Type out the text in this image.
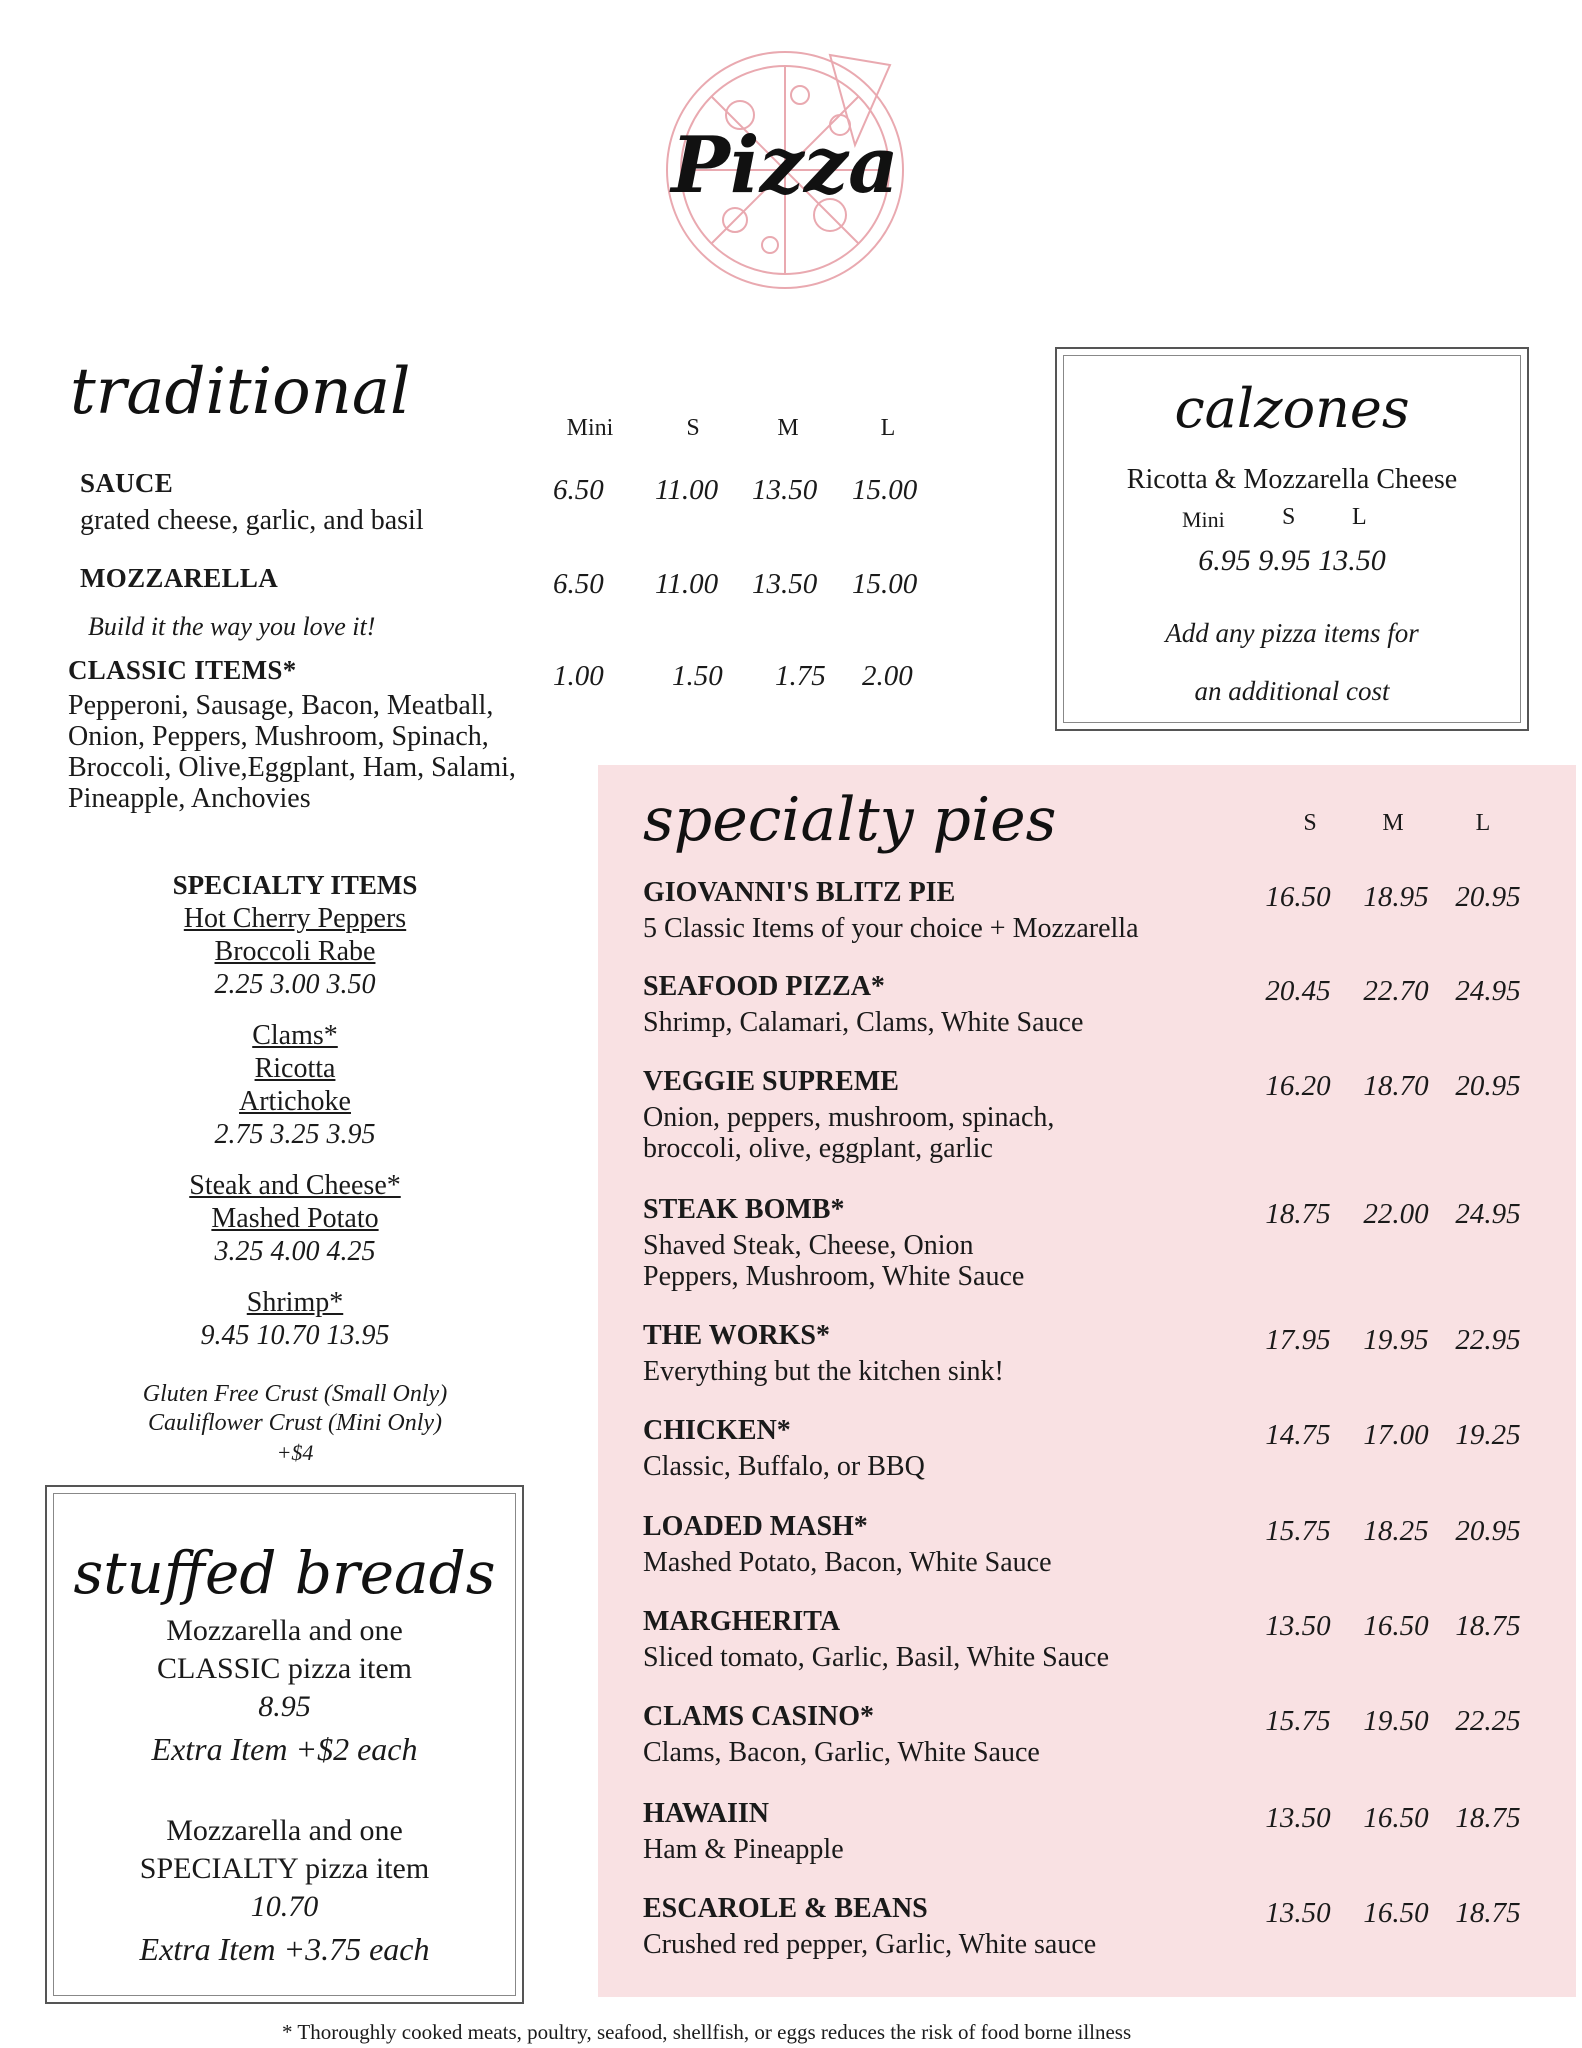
Pizza
traditional	Mini	S	M	L
SAUCE
grated cheese, garlic, and basil
6.50 11.00 13.50 15.00
MOZZARELLA	6.50 11.00 13.50 15.00
Build it the way you love it!
CLASSIC ITEMS*	1.00 1.50 1.75 2.00
Pepperoni, Sausage, Bacon, Meatball,
Onion, Peppers, Mushroom, Spinach,
Broccoli, Olive,Eggplant, Ham, Salami,
Pineapple, Anchovies
SPECIALTY ITEMS
Hot Cherry Peppers
Broccoli Rabe
2.25 3.00 3.50
Clams*
Ricotta
Artichoke
2.75 3.25 3.95
Steak and Cheese*
Mashed Potato
3.25 4.00 4.25
Shrimp*
9.45 10.70 13.95
Gluten Free Crust (Small Only)
Cauliflower Crust (Mini Only)
+$4
calzones
Ricotta & Mozzarella Cheese
Mini S L
6.95 9.95 13.50
Add any pizza items for
an additional cost
stuffed breads
Mozzarella and one
CLASSIC pizza item
8.95
Extra Item +$2 each
Mozzarella and one
SPECIALTY pizza item
10.70
Extra Item +3.75 each
specialty pies	S	M	L
GIOVANNI'S BLITZ PIE
5 Classic Items of your choice + Mozzarella
16.50	18.95 20.95
SEAFOOD PIZZA*
Shrimp, Calamari, Clams, White Sauce
20.45	22.70 24.95
VEGGIE SUPREME
Onion, peppers, mushroom, spinach,
broccoli, olive, eggplant, garlic
16.20	18.70 20.95
STEAK BOMB*
Shaved Steak, Cheese, Onion
Peppers, Mushroom, White Sauce
18.75	22.00 24.95
THE WORKS*
Everything but the kitchen sink!
17.95	19.95 22.95
CHICKEN*
Classic, Buffalo, or BBQ
14.75	17.00 19.25
LOADED MASH*
Mashed Potato, Bacon, White Sauce
15.75	18.25 20.95
MARGHERITA
Sliced tomato, Garlic, Basil, White Sauce
13.50	16.50 18.75
CLAMS CASINO*
Clams, Bacon, Garlic, White Sauce
15.75	19.50 22.25
HAWAIIN
Ham & Pineapple
13.50	16.50 18.75
ESCAROLE & BEANS
Crushed red pepper, Garlic, White sauce
13.50	16.50 18.75
* Thoroughly cooked meats, poultry, seafood, shellfish, or eggs reduces the risk of food borne illness
